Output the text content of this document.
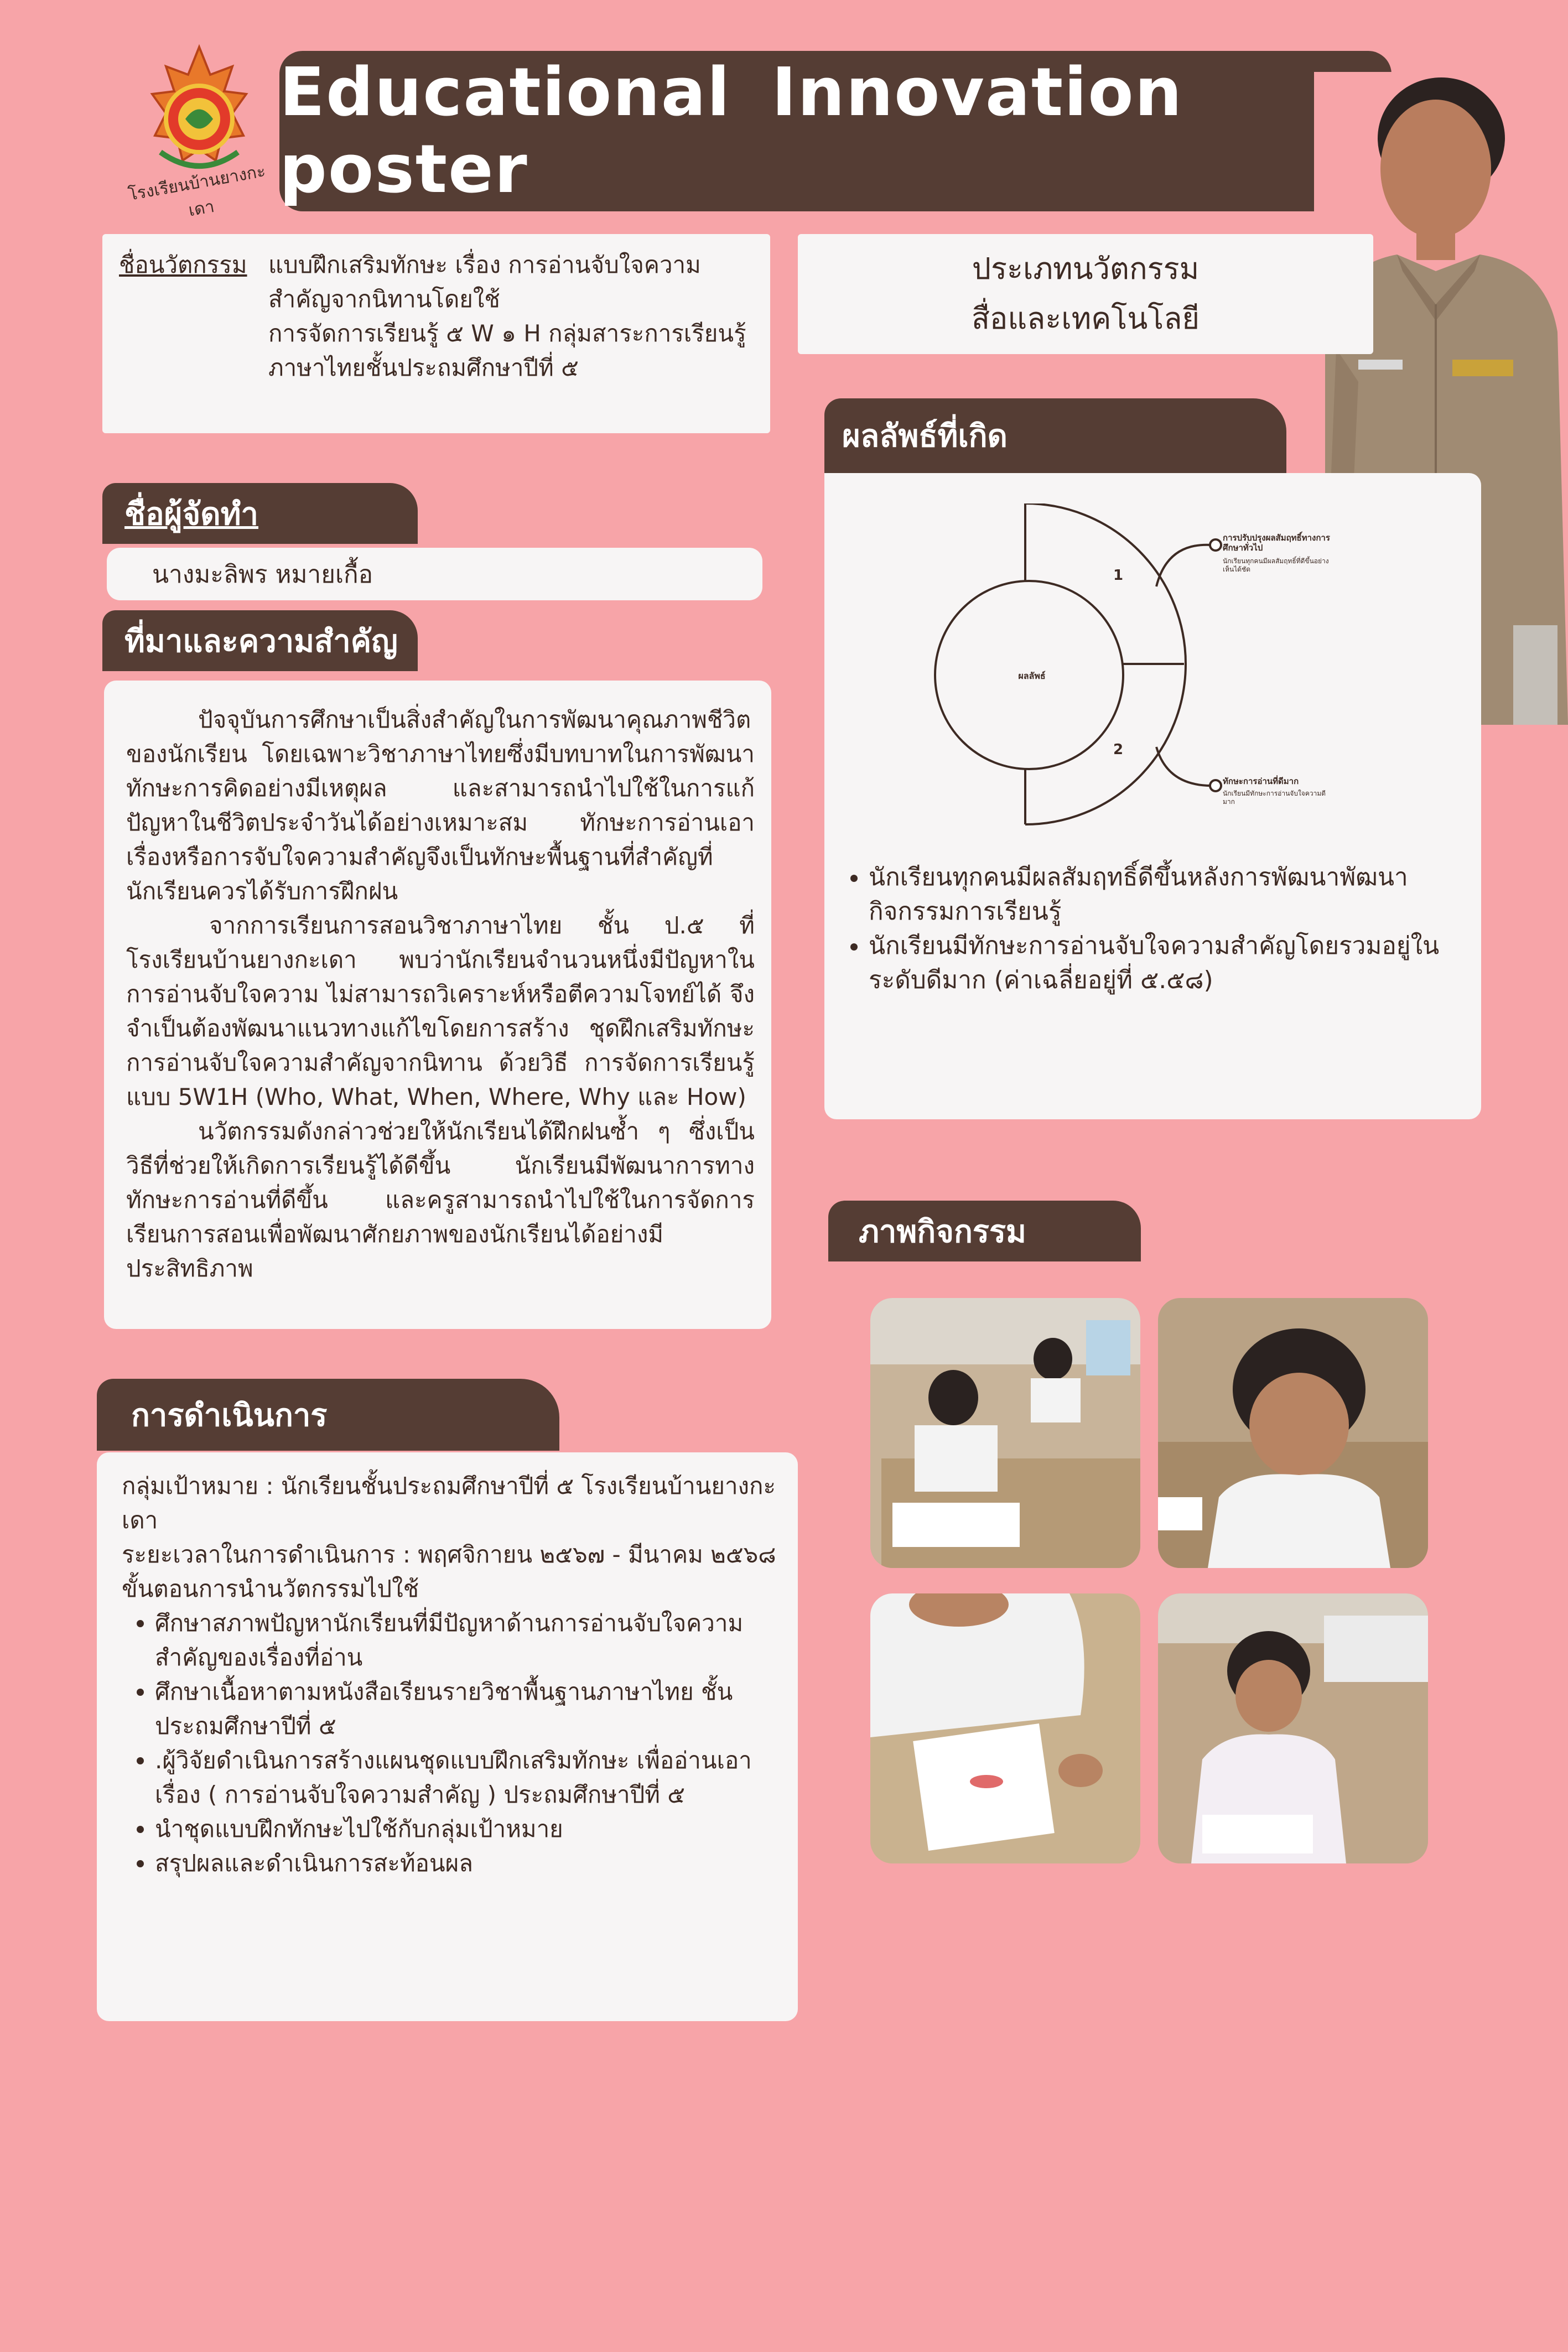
โรงเรียนบ้านยางกะเดา
Educational Innovation poster
ชื่อนวัตกรรม แบบฝึกเสริมทักษะ เรื่อง การอ่านจับใจความ
สำคัญจากนิทานโดยใช้
การจัดการเรียนรู้ ๕ W ๑ H กลุ่มสาระการเรียนรู้
ภาษาไทยชั้นประถมศึกษาปีที่ ๕
ประเภทนวัตกรรม
สื่อและเทคโนโลยี
ชื่อผู้จัดทำ
นางมะลิพร หมายเกื้อ
ที่มาและความสำคัญ

ปัจจุบันการศึกษาเป็นสิ่งสำคัญในการพัฒนาคุณภาพชีวิตของนักเรียน โดยเฉพาะวิชาภาษาไทยซึ่งมีบทบาทในการพัฒนาทักษะการคิดอย่างมีเหตุผล และสามารถนำไปใช้ในการแก้ปัญหาในชีวิตประจำวันได้อย่างเหมาะสม ทักษะการอ่านเอาเรื่องหรือการจับใจความสำคัญจึงเป็นทักษะพื้นฐานที่สำคัญที่นักเรียนควรได้รับการฝึกฝน

จากการเรียนการสอนวิชาภาษาไทย ชั้น ป.๕ ที่โรงเรียนบ้านยางกะเดา พบว่านักเรียนจำนวนหนึ่งมีปัญหาในการอ่านจับใจความ ไม่สามารถวิเคราะห์หรือตีความโจทย์ได้ จึงจำเป็นต้องพัฒนาแนวทางแก้ไขโดยการสร้าง ชุดฝึกเสริมทักษะการอ่านจับใจความสำคัญจากนิทาน ด้วยวิธี การจัดการเรียนรู้แบบ 5W1H (Who, What, When, Where, Why และ How)

นวัตกรรมดังกล่าวช่วยให้นักเรียนได้ฝึกฝนซ้ำ ๆ ซึ่งเป็นวิธีที่ช่วยให้เกิดการเรียนรู้ได้ดีขึ้น นักเรียนมีพัฒนาการทางทักษะการอ่านที่ดีขึ้น และครูสามารถนำไปใช้ในการจัดการเรียนการสอนเพื่อพัฒนาศักยภาพของนักเรียนได้อย่างมีประสิทธิภาพ

การดำเนินการ
กลุ่มเป้าหมาย : นักเรียนชั้นประถมศึกษาปีที่ ๕ โรงเรียนบ้านยางกะเดา
ระยะเวลาในการดำเนินการ : พฤศจิกายน ๒๕๖๗ - มีนาคม ๒๕๖๘
ขั้นตอนการนำนวัตกรรมไปใช้
• ศึกษาสภาพปัญหานักเรียนที่มีปัญหาด้านการอ่านจับใจความสำคัญของเรื่องที่อ่าน
• ศึกษาเนื้อหาตามหนังสือเรียนรายวิชาพื้นฐานภาษาไทย ชั้นประถมศึกษาปีที่ ๕
• .ผู้วิจัยดำเนินการสร้างแผนชุดแบบฝึกเสริมทักษะ เพื่ออ่านเอาเรื่อง ( การอ่านจับใจความสำคัญ ) ประถมศึกษาปีที่ ๕
• นำชุดแบบฝึกทักษะไปใช้กับกลุ่มเป้าหมาย
• สรุปผลและดำเนินการสะท้อนผล
ผลลัพธ์ที่เกิด
ผลลัพธ์
1
2
การปรับปรุงผลสัมฤทธิ์ทางการศึกษาทั่วไป
นักเรียนทุกคนมีผลสัมฤทธิ์ที่ดีขึ้นอย่างเห็นได้ชัด
ทักษะการอ่านที่ดีมาก
นักเรียนมีทักษะการอ่านจับใจความดีมาก
• นักเรียนทุกคนมีผลสัมฤทธิ์ดีขึ้นหลังการพัฒนาพัฒนากิจกรรมการเรียนรู้
• นักเรียนมีทักษะการอ่านจับใจความสำคัญโดยรวมอยู่ในระดับดีมาก (ค่าเฉลี่ยอยู่ที่ ๕.๕๘)
ภาพกิจกรรม
